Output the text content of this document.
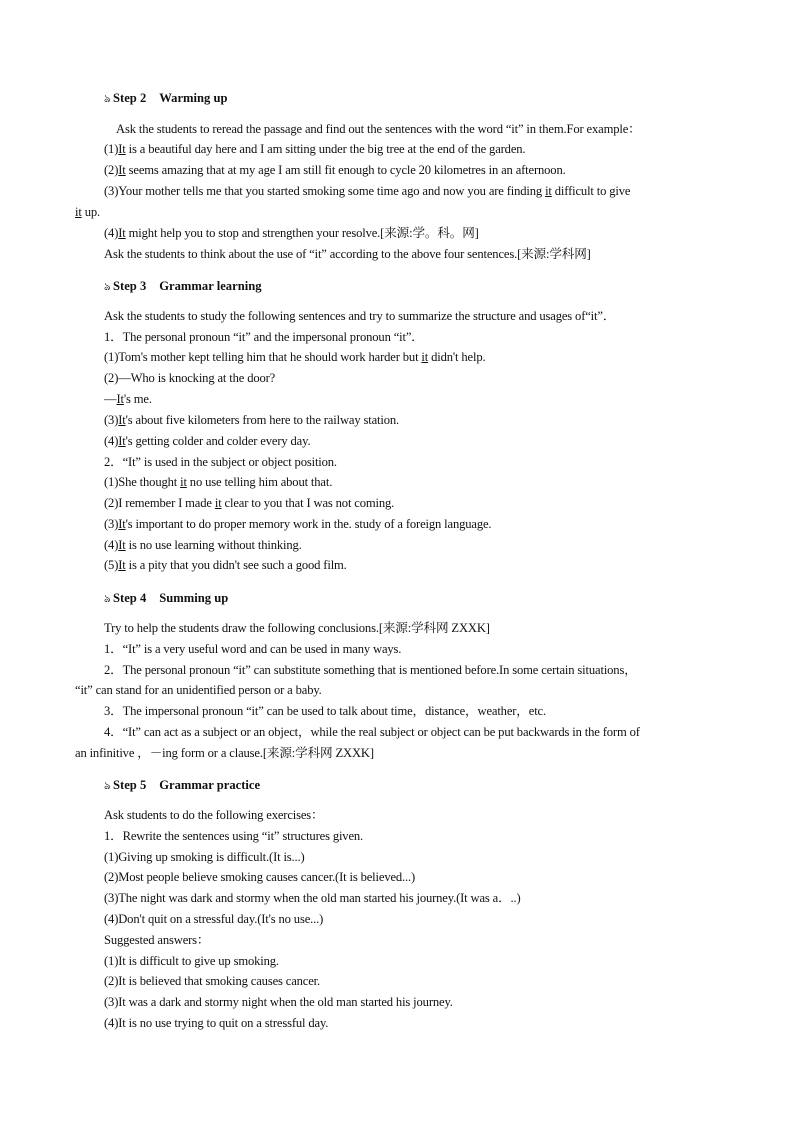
ঌ Step 2 Warming up
Ask the students to reread the passage and find out the sentences with the word “it” in them.For example：
(1)It is a beautiful day here and I am sitting under the big tree at the end of the garden.
(2)It seems amazing that at my age I am still fit enough to cycle 20 kilometres in an afternoon.
(3)Your mother tells me that you started smoking some time ago and now you are finding it difficult to give
it up.
(4)It might help you to stop and strengthen your resolve.[来源:学。科。网]
Ask the students to think about the use of “it” according to the above four sentences.[来源:学科网]
ঌ Step 3 Grammar learning
Ask the students to study the following sentences and try to summarize the structure and usages of“it”．
1．The personal pronoun “it” and the impersonal pronoun “it”．
(1)Tom's mother kept telling him that he should work harder but it didn't help.
(2)—Who is knocking at the door?
—It's me.
(3)It's about five kilometers from here to the railway station.
(4)It's getting colder and colder every day.
2．“It” is used in the subject or object position.
(1)She thought it no use telling him about that.
(2)I remember I made it clear to you that I was not coming.
(3)It's important to do proper memory work in the. study of a foreign language.
(4)It is no use learning without thinking.
(5)It is a pity that you didn't see such a good film.
ঌ Step 4 Summing up
Try to help the students draw the following conclusions.[来源:学科网 ZXXK]
1．“It” is a very useful word and can be used in many ways.
2．The personal pronoun “it” can substitute something that is mentioned before.In some certain situations，
“it” can stand for an unidentified person or a baby.
3．The impersonal pronoun “it” can be used to talk about time，distance，weather，etc.
4．“It” can act as a subject or an object，while the real subject or object can be put backwards in the form of
an infinitive ，－ing form or a clause.[来源:学科网 ZXXK]
ঌ Step 5 Grammar practice
Ask students to do the following exercises：
1．Rewrite the sentences using “it” structures given.
(1)Giving up smoking is difficult.(It is...)
(2)Most people believe smoking causes cancer.(It is believed...)
(3)The night was dark and stormy when the old man started his journey.(It was a．..)
(4)Don't quit on a stressful day.(It's no use...)
Suggested answers：
(1)It is difficult to give up smoking.
(2)It is believed that smoking causes cancer.
(3)It was a dark and stormy night when the old man started his journey.
(4)It is no use trying to quit on a stressful day.
